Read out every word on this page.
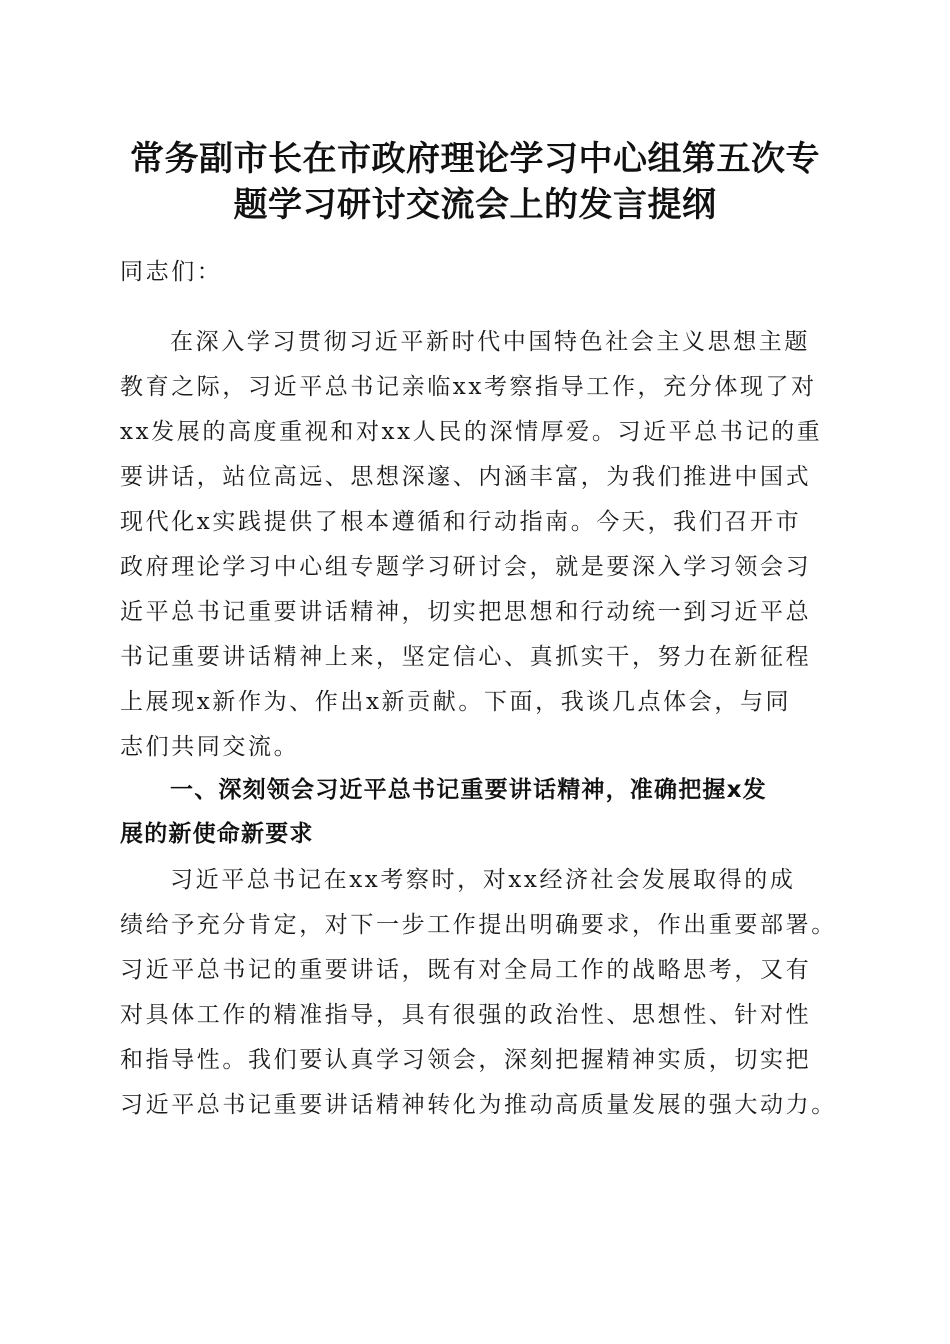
常务副市长在市政府理论学习中心组第五次专
题学习研讨交流会上的发言提纲
同志们：
在深入学习贯彻习近平新时代中国特色社会主义思想主题
教育之际，习近平总书记亲临xx考察指导工作，充分体现了对
xx发展的高度重视和对xx人民的深情厚爱。习近平总书记的重
要讲话，站位高远、思想深邃、内涵丰富，为我们推进中国式
现代化x实践提供了根本遵循和行动指南。今天，我们召开市
政府理论学习中心组专题学习研讨会，就是要深入学习领会习
近平总书记重要讲话精神，切实把思想和行动统一到习近平总
书记重要讲话精神上来，坚定信心、真抓实干，努力在新征程
上展现x新作为、作出x新贡献。下面，我谈几点体会，与同
志们共同交流。
一、深刻领会习近平总书记重要讲话精神，准确把握x发
展的新使命新要求
习近平总书记在xx考察时，对xx经济社会发展取得的成
绩给予充分肯定，对下一步工作提出明确要求，作出重要部署。
习近平总书记的重要讲话，既有对全局工作的战略思考，又有
对具体工作的精准指导，具有很强的政治性、思想性、针对性
和指导性。我们要认真学习领会，深刻把握精神实质，切实把
习近平总书记重要讲话精神转化为推动高质量发展的强大动力。
